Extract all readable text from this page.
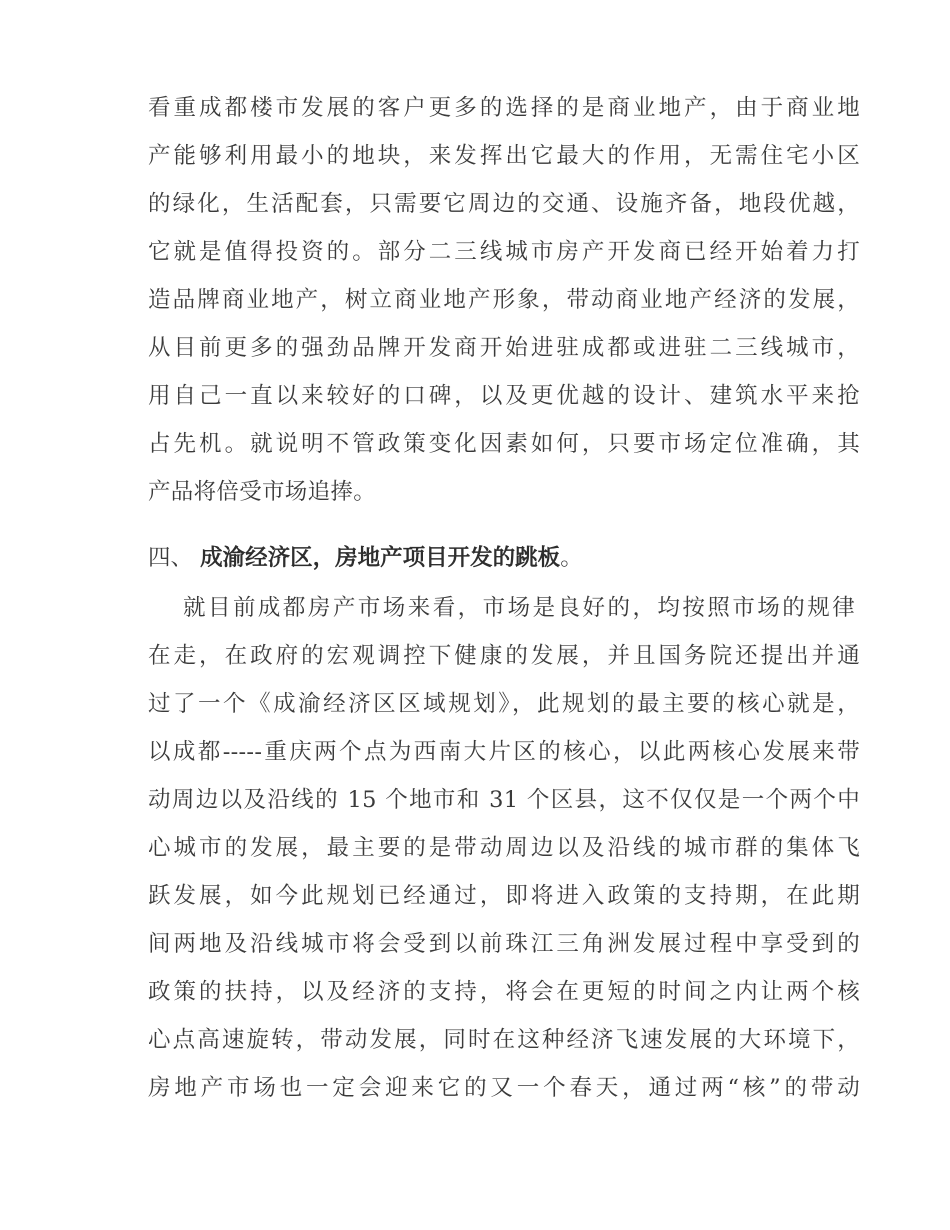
看重成都楼市发展的客户更多的选择的是商业地产，由于商业地
产能够利用最小的地块，来发挥出它最大的作用，无需住宅小区
的绿化，生活配套，只需要它周边的交通、设施齐备，地段优越，
它就是值得投资的。部分二三线城市房产开发商已经开始着力打
造品牌商业地产，树立商业地产形象，带动商业地产经济的发展，
从目前更多的强劲品牌开发商开始进驻成都或进驻二三线城市，
用自己一直以来较好的口碑，以及更优越的设计、建筑水平来抢
占先机。就说明不管政策变化因素如何，只要市场定位准确，其
产品将倍受市场追捧。
四、 成渝经济区，房地产项目开发的跳板。
就目前成都房产市场来看，市场是良好的，均按照市场的规律
在走，在政府的宏观调控下健康的发展，并且国务院还提出并通
过了一个《成渝经济区区域规划》，此规划的最主要的核心就是，
以成都-----重庆两个点为西南大片区的核心，以此两核心发展来带
动周边以及沿线的 15 个地市和 31 个区县，这不仅仅是一个两个中
心城市的发展，最主要的是带动周边以及沿线的城市群的集体飞
跃发展，如今此规划已经通过，即将进入政策的支持期，在此期
间两地及沿线城市将会受到以前珠江三角洲发展过程中享受到的
政策的扶持，以及经济的支持，将会在更短的时间之内让两个核
心点高速旋转，带动发展，同时在这种经济飞速发展的大环境下，
房地产市场也一定会迎来它的又一个春天，通过两“核”的带动
